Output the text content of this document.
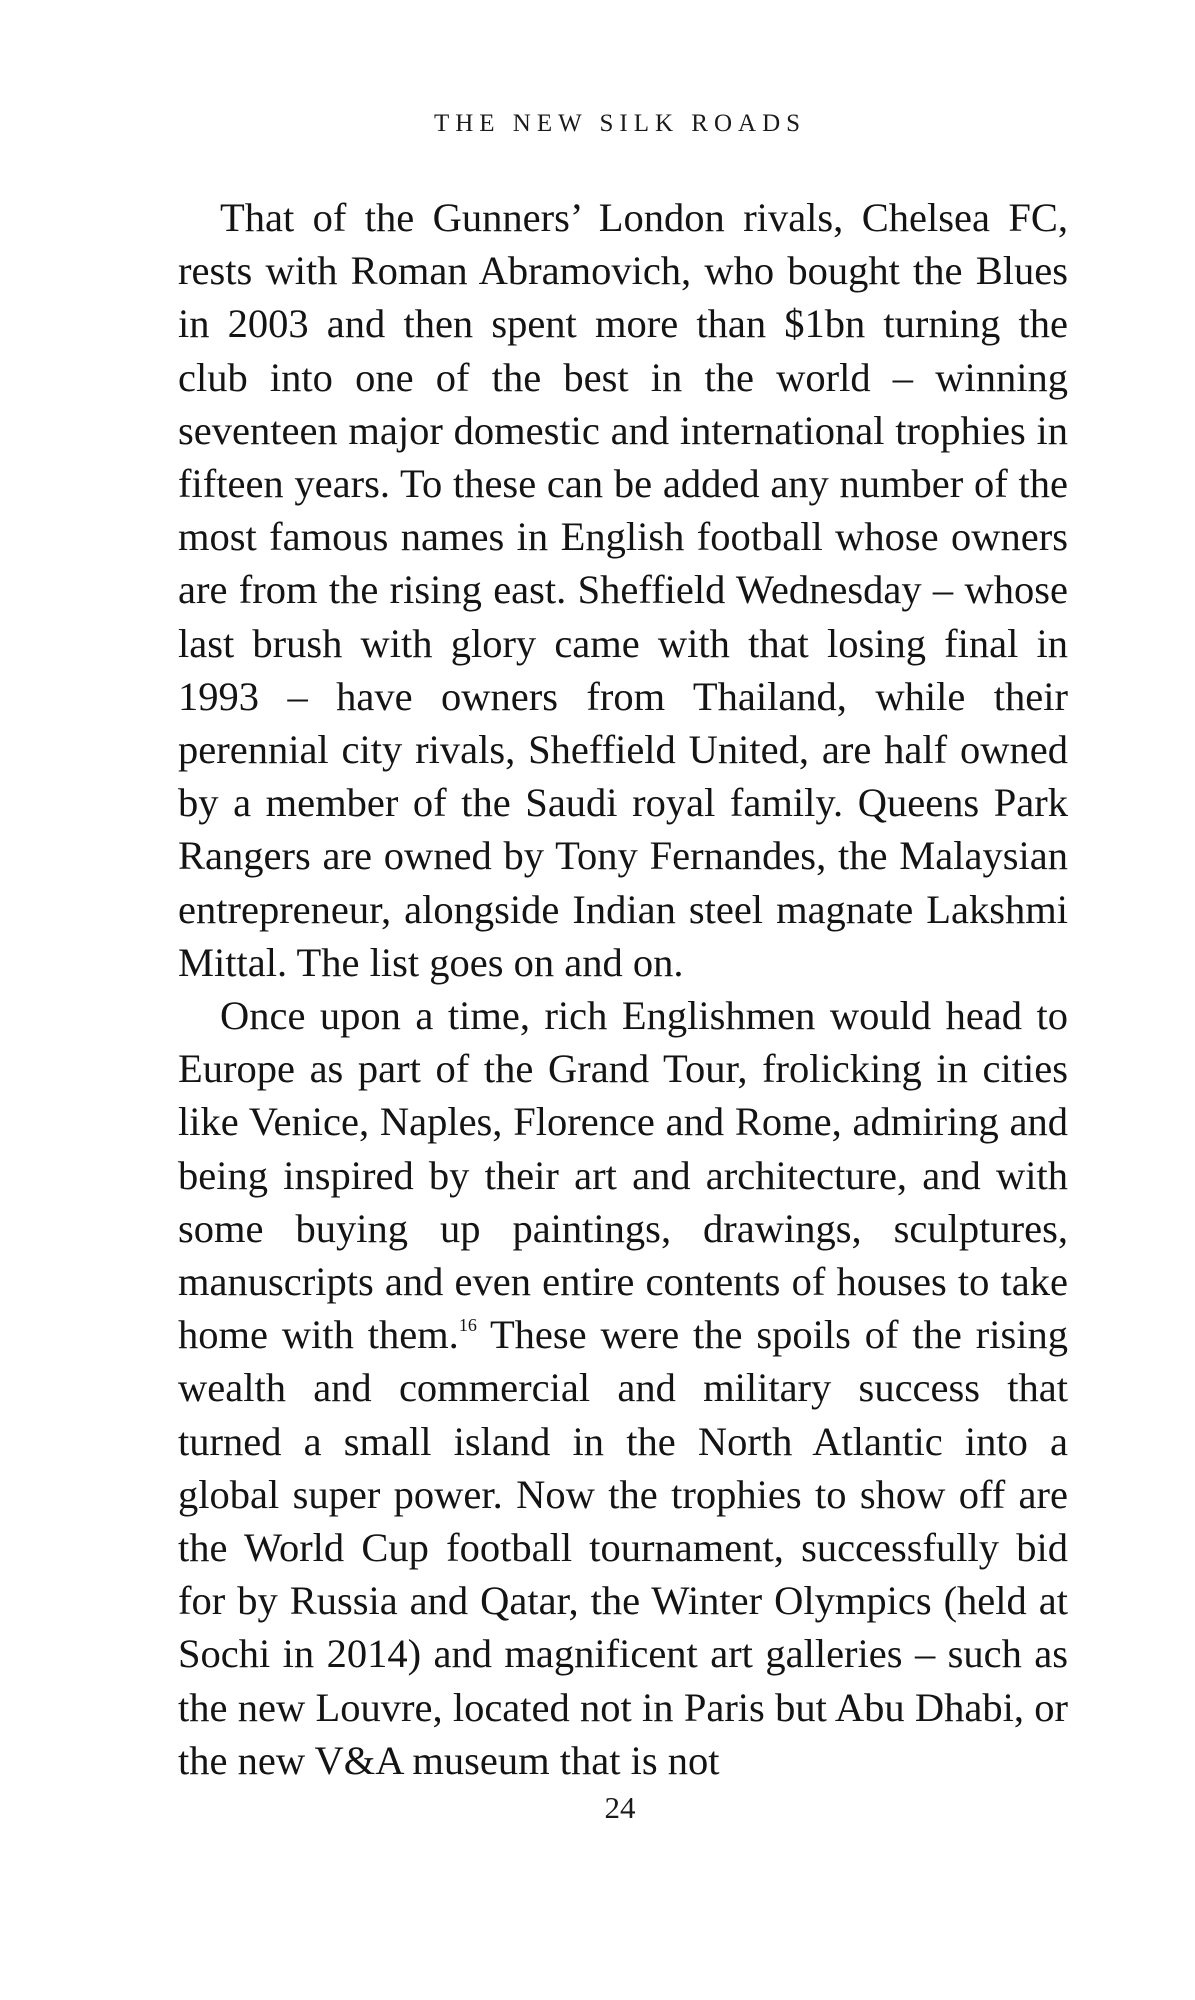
THE NEW SILK ROADS

That of the Gunners’ London rivals, Chelsea FC, rests with Roman Abramovich, who bought the Blues in 2003 and then spent more than $1bn turning the club into one of the best in the world – winning seventeen major domestic and international trophies in fifteen years. To these can be added any number of the most famous names in English football whose owners are from the rising east. Sheffield Wednesday – whose last brush with glory came with that losing final in 1993 – have owners from Thailand, while their perennial city rivals, Sheffield United, are half owned by a member of the Saudi royal family. Queens Park Rangers are owned by Tony Fernandes, the Malaysian entrepreneur, alongside Indian steel magnate Lakshmi Mittal. The list goes on and on.

Once upon a time, rich Englishmen would head to Europe as part of the Grand Tour, frolicking in cities like Venice, Naples, Florence and Rome, admiring and being inspired by their art and architecture, and with some buying up paintings, drawings, sculptures, manuscripts and even entire contents of houses to take home with them.$^{16}$ These were the spoils of the rising wealth and commercial and military success that turned a small island in the North Atlantic into a global super power. Now the trophies to show off are the World Cup football tournament, successfully bid for by Russia and Qatar, the Winter Olympics (held at Sochi in 2014) and magnificent art galleries – such as the new Louvre, located not in Paris but Abu Dhabi, or the new V&A museum that is not

24
